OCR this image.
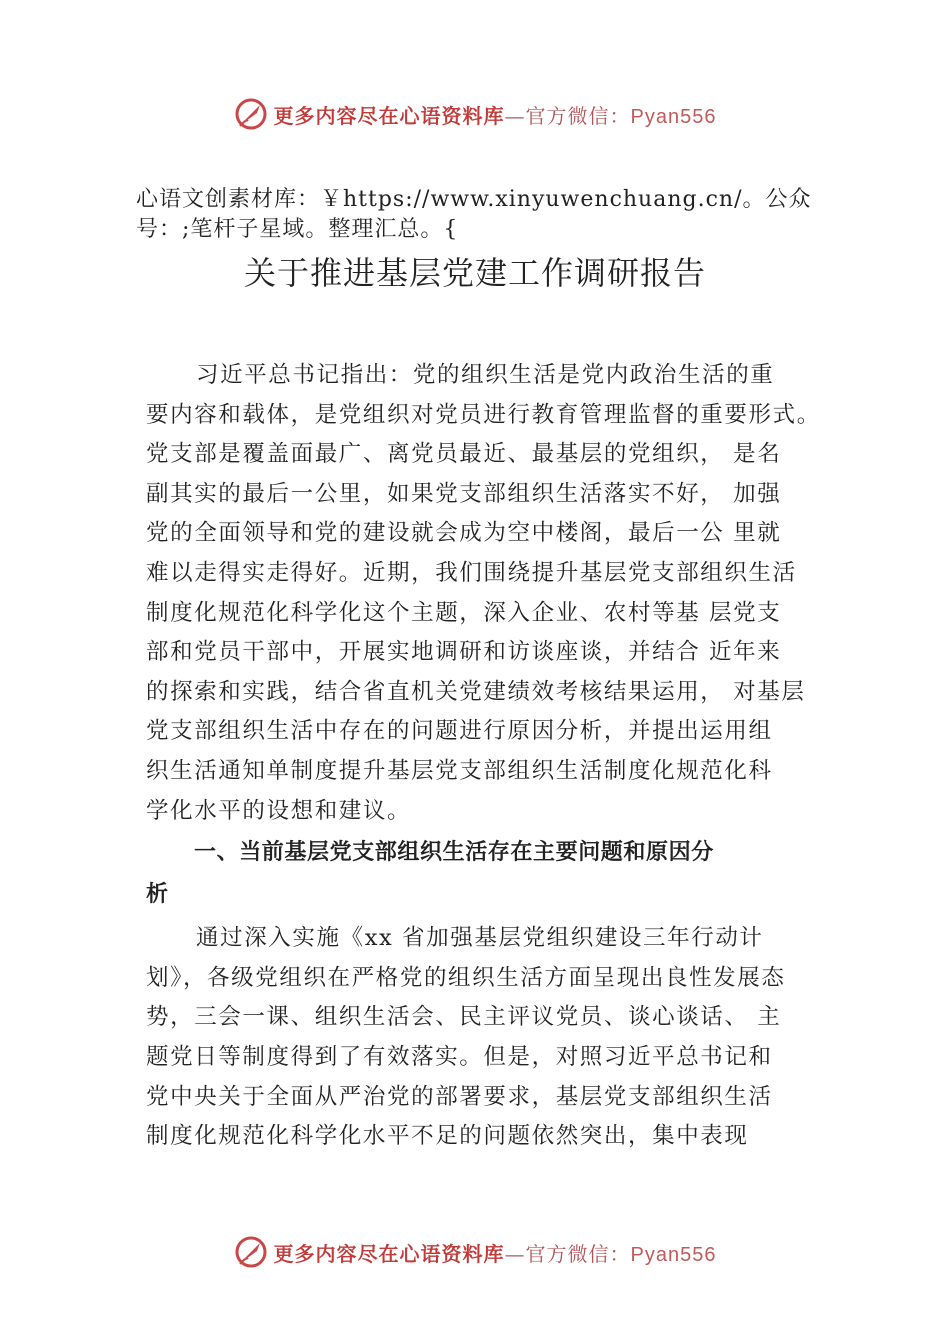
更多内容尽在心语资料库—官方微信：Pyan556
心语文创素材库：￥https://www.xinyuwenchuang.cn/。公众
号：;笔杆子星域。整理汇总。{
关于推进基层党建工作调研报告
习近平总书记指出：党的组织生活是党内政治生活的重
要内容和载体，是党组织对党员进行教育管理监督的重要形式。
党支部是覆盖面最广、离党员最近、最基层的党组织， 是名
副其实的最后一公里，如果党支部组织生活落实不好， 加强
党的全面领导和党的建设就会成为空中楼阁，最后一公 里就
难以走得实走得好。近期，我们围绕提升基层党支部组织生活
制度化规范化科学化这个主题，深入企业、农村等基 层党支
部和党员干部中，开展实地调研和访谈座谈，并结合 近年来
的探索和实践，结合省直机关党建绩效考核结果运用， 对基层
党支部组织生活中存在的问题进行原因分析，并提出运用组
织生活通知单制度提升基层党支部组织生活制度化规范化科
学化水平的设想和建议。
一、当前基层党支部组织生活存在主要问题和原因分
析
通过深入实施《xx 省加强基层党组织建设三年行动计
划》，各级党组织在严格党的组织生活方面呈现出良性发展态
势，三会一课、组织生活会、民主评议党员、谈心谈话、 主
题党日等制度得到了有效落实。但是，对照习近平总书记和
党中央关于全面从严治党的部署要求，基层党支部组织生活
制度化规范化科学化水平不足的问题依然突出，集中表现
更多内容尽在心语资料库—官方微信：Pyan556
